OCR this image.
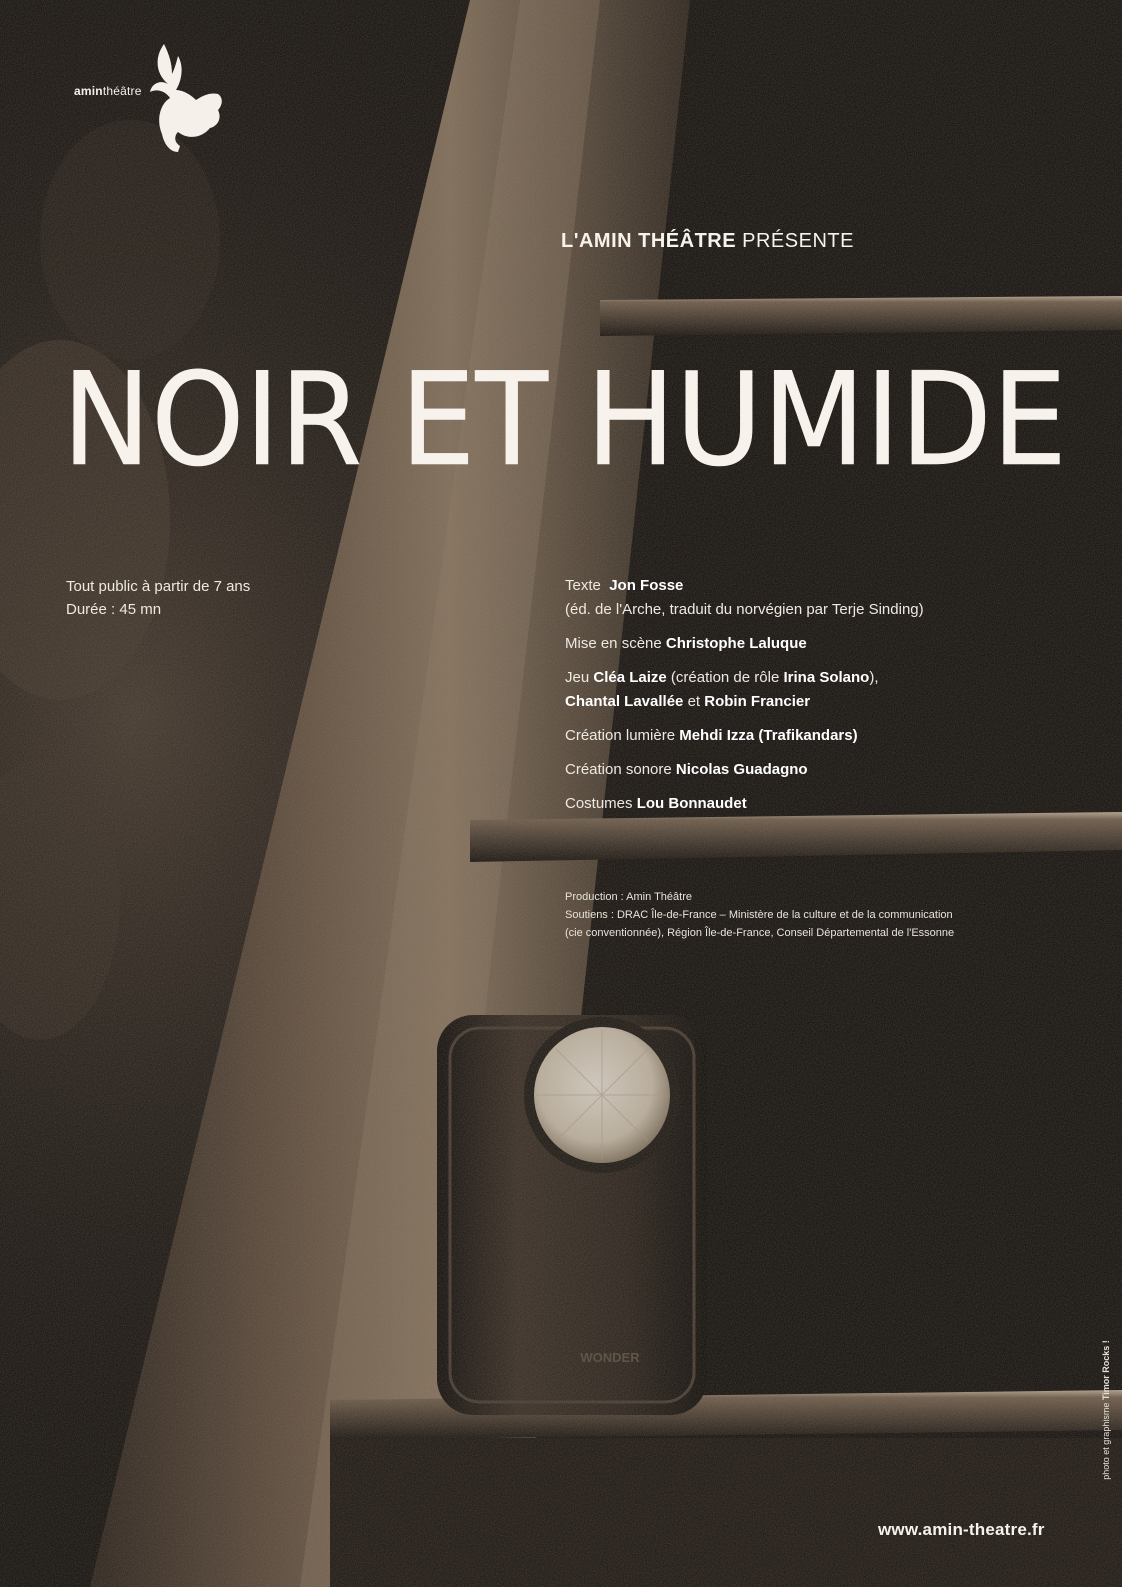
aminthéâtre
L'AMIN THÉÂTRE PRÉSENTE
NOIR ET HUMIDE
Tout public à partir de 7 ans
Durée : 45 mn
Texte Jon Fosse
(éd. de l'Arche, traduit du norvégien par Terje Sinding)
Mise en scène Christophe Laluque
Jeu Cléa Laize (création de rôle Irina Solano),
Chantal Lavallée et Robin Francier
Création lumière Mehdi Izza (Trafikandars)
Création sonore Nicolas Guadagno
Costumes Lou Bonnaudet
Production : Amin Théâtre
Soutiens : DRAC Île-de-France – Ministère de la culture et de la communication
(cie conventionnée), Région Île-de-France, Conseil Départemental de l'Essonne
photo et graphisme Timor Rocks !
www.amin-theatre.fr
